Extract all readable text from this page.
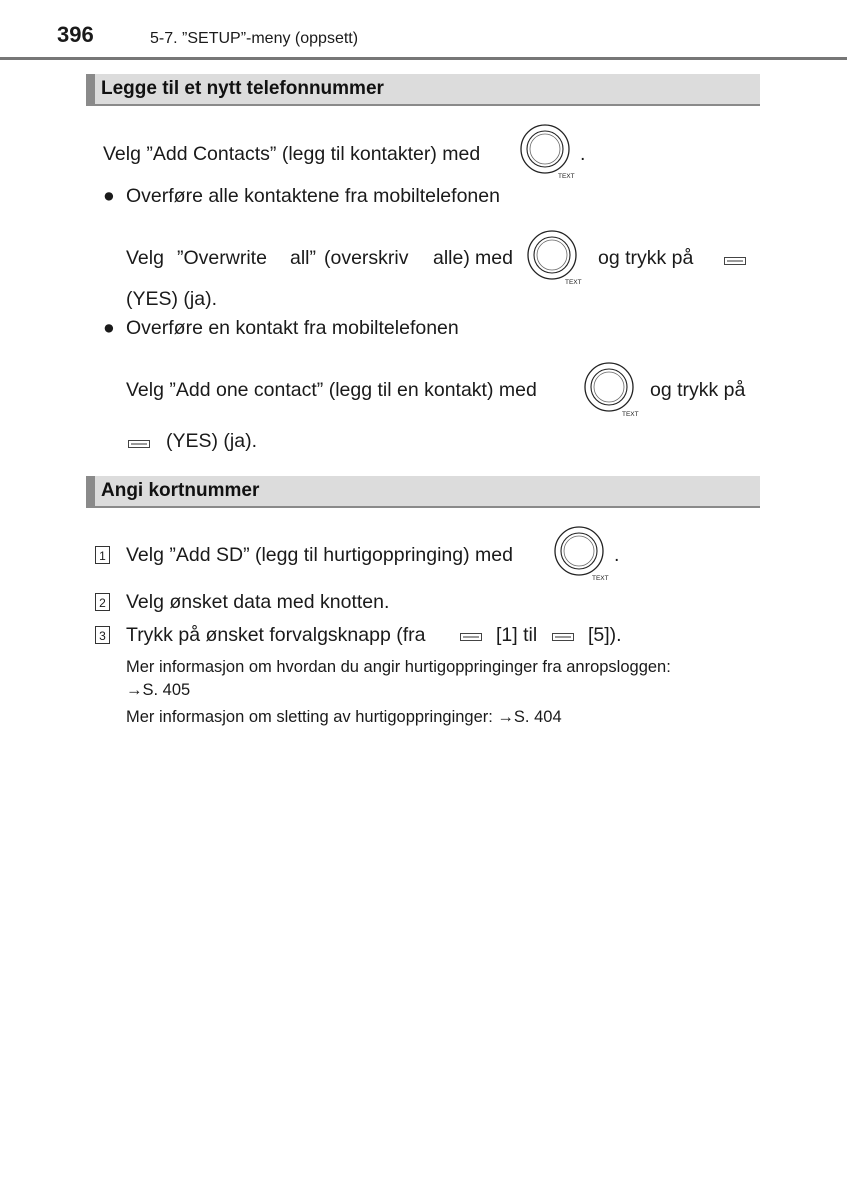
396	5-7. ”SETUP”-meny (oppsett)
Legge til et nytt telefonnummer
Velg ”Add Contacts” (legg til kontakter) med
TEXT
.
● Overføre alle kontaktene fra mobiltelefonen
Velg ”Overwrite all” (overskriv alle) med
TEXT
og trykk på
(YES) (ja).
● Overføre en kontakt fra mobiltelefonen
Velg ”Add one contact” (legg til en kontakt) med
TEXT
og trykk på
(YES) (ja).
Angi kortnummer
1 Velg ”Add SD” (legg til hurtigoppringing) med
TEXT
.
2 Velg ønsket data med knotten.
3 Trykk på ønsket forvalgsknapp (fra	[1] til	[5]).
Mer informasjon om hvordan du angir hurtigoppringinger fra anropsloggen:
→S. 405
Mer informasjon om sletting av hurtigoppringinger: →S. 404
